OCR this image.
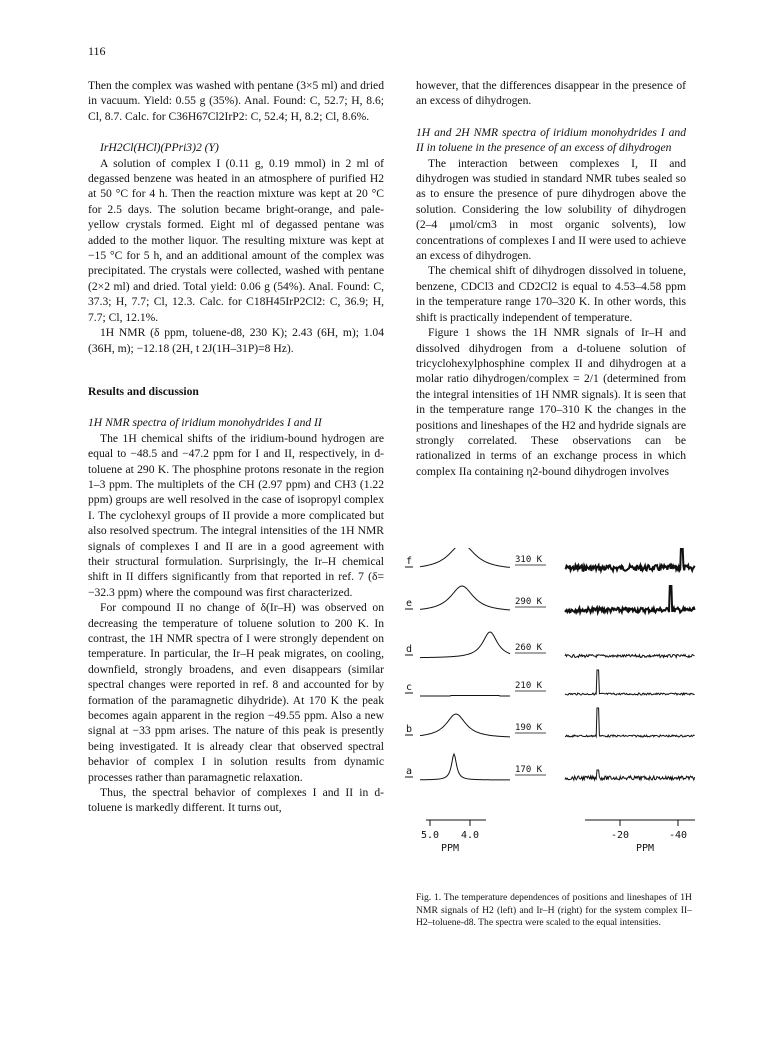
116

Then the complex was washed with pentane (3×5 ml) and dried in vacuum. Yield: 0.55 g (35%). Anal. Found: C, 52.7; H, 8.6; Cl, 8.7. Calc. for C36H67Cl2IrP2: C, 52.4; H, 8.2; Cl, 8.6%.

IrH2Cl(HCl)(PPri3)2 (Y)

A solution of complex I (0.11 g, 0.19 mmol) in 2 ml of degassed benzene was heated in an atmosphere of purified H2 at 50 °C for 4 h. Then the reaction mixture was kept at 20 °C for 2.5 days. The solution became bright-orange, and pale-yellow crystals formed. Eight ml of degassed pentane was added to the mother liquor. The resulting mixture was kept at −15 °C for 5 h, and an additional amount of the complex was precipitated. The crystals were collected, washed with pentane (2×2 ml) and dried. Total yield: 0.06 g (54%). Anal. Found: C, 37.3; H, 7.7; Cl, 12.3. Calc. for C18H45IrP2Cl2: C, 36.9; H, 7.7; Cl, 12.1%.

1H NMR (δ ppm, toluene-d8, 230 K); 2.43 (6H, m); 1.04 (36H, m); −12.18 (2H, t 2J(1H–31P)=8 Hz).

Results and discussion

1H NMR spectra of iridium monohydrides I and II

The 1H chemical shifts of the iridium-bound hydrogen are equal to −48.5 and −47.2 ppm for I and II, respectively, in d-toluene at 290 K. The phosphine protons resonate in the region 1–3 ppm. The multiplets of the CH (2.97 ppm) and CH3 (1.22 ppm) groups are well resolved in the case of isopropyl complex I. The cyclohexyl groups of II provide a more complicated but also resolved spectrum. The integral intensities of the 1H NMR signals of complexes I and II are in a good agreement with their structural formulation. Surprisingly, the Ir–H chemical shift in II differs significantly from that reported in ref. 7 (δ= −32.3 ppm) where the compound was first characterized.

For compound II no change of δ(Ir–H) was observed on decreasing the temperature of toluene solution to 200 K. In contrast, the 1H NMR spectra of I were strongly dependent on temperature. In particular, the Ir–H peak migrates, on cooling, downfield, strongly broadens, and even disappears (similar spectral changes were reported in ref. 8 and accounted for by formation of the paramagnetic dihydride). At 170 K the peak becomes again apparent in the region −49.55 ppm. Also a new signal at −33 ppm arises. The nature of this peak is presently being investigated. It is already clear that observed spectral behavior of complex I in solution results from dynamic processes rather than paramagnetic relaxation.

Thus, the spectral behavior of complexes I and II in d-toluene is markedly different. It turns out,

however, that the differences disappear in the presence of an excess of dihydrogen.

1H and 2H NMR spectra of iridium monohydrides I and II in toluene in the presence of an excess of dihydrogen

The interaction between complexes I, II and dihydrogen was studied in standard NMR tubes sealed so as to ensure the presence of pure dihydrogen above the solution. Considering the low solubility of dihydrogen (2–4 μmol/cm3 in most organic solvents), low concentrations of complexes I and II were used to achieve an excess of dihydrogen.

The chemical shift of dihydrogen dissolved in toluene, benzene, CDCl3 and CD2Cl2 is equal to 4.53–4.58 ppm in the temperature range 170–320 K. In other words, this shift is practically independent of temperature.

Figure 1 shows the 1H NMR signals of Ir–H and dissolved dihydrogen from a d-toluene solution of tricyclohexylphosphine complex II and dihydrogen at a molar ratio dihydrogen/complex = 2/1 (determined from the integral intensities of 1H NMR signals). It is seen that in the temperature range 170–310 K the changes in the positions and lineshapes of the H2 and hydride signals are strongly correlated. These observations can be rationalized in terms of an exchange process in which complex IIa containing η2-bound dihydrogen involves

f	310 K
e	290 K
d	260 K
c	210 K
b	190 K
a	170 K
5.0 4.0
PPM
-20	-40
PPM

Fig. 1. The temperature dependences of positions and lineshapes of 1H NMR signals of H2 (left) and Ir–H (right) for the system complex II–H2–toluene-d8. The spectra were scaled to the equal intensities.
